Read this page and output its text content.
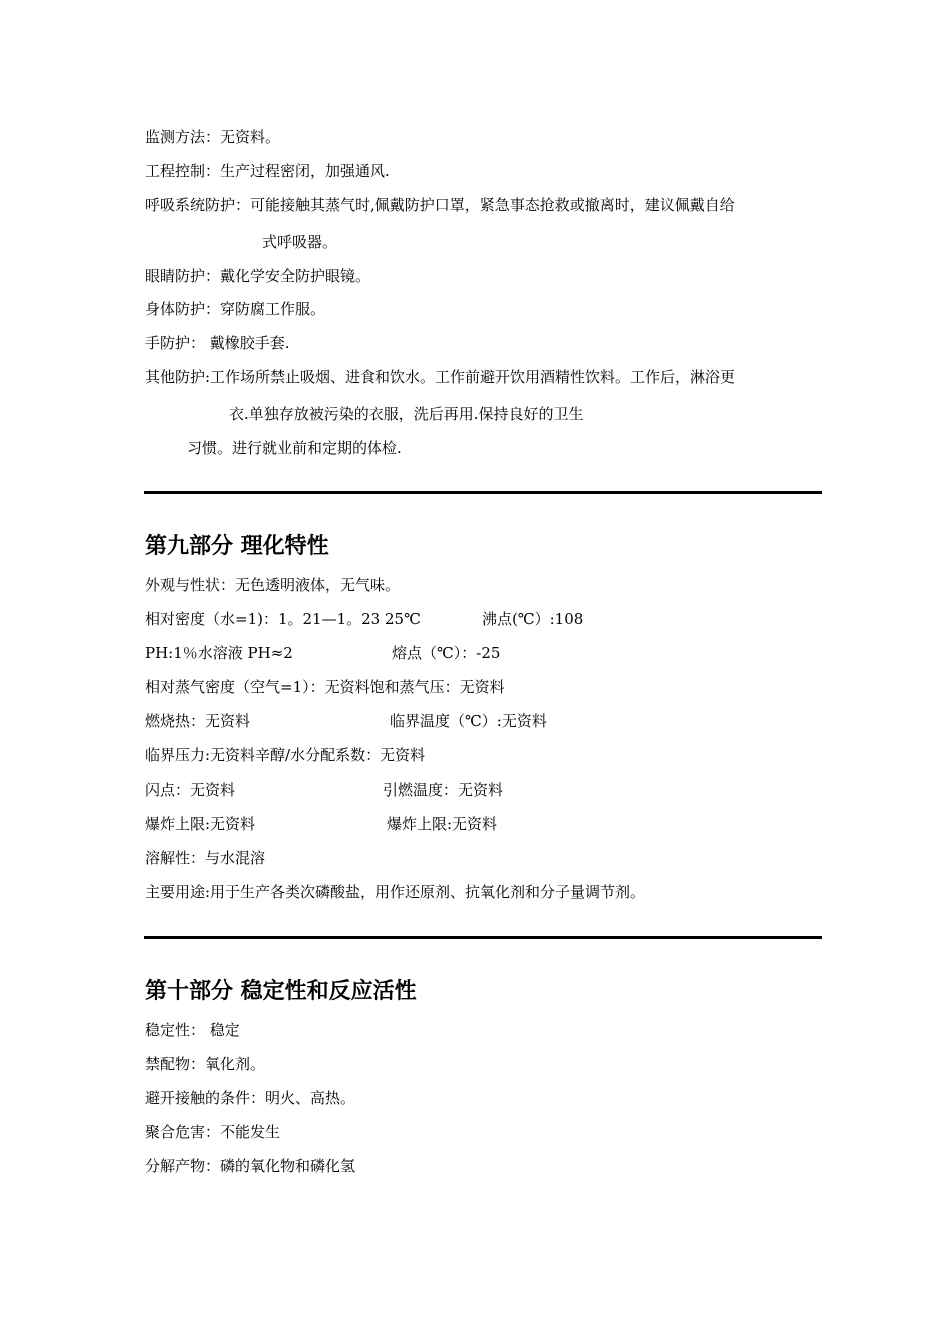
监测方法：无资料。
工程控制：生产过程密闭，加强通风.
呼吸系统防护：可能接触其蒸气时,佩戴防护口罩，紧急事态抢救或撤离时，建议佩戴自给
式呼吸器。
眼睛防护：戴化学安全防护眼镜。
身体防护：穿防腐工作服。
手防护： 戴橡胶手套.
其他防护:工作场所禁止吸烟、进食和饮水。工作前避开饮用酒精性饮料。工作后，淋浴更
衣.单独存放被污染的衣服，洗后再用.保持良好的卫生
习惯。进行就业前和定期的体检.
第九部分 理化特性
外观与性状：无色透明液体，无气味。
相对密度（水=1)：1。21—1。23 25℃	沸点(℃）:108
PH:1％水溶液 PH≈2	熔点（℃）：-25
相对蒸气密度（空气=1）：无资料饱和蒸气压：无资料
燃烧热：无资料	临界温度（℃）:无资料
临界压力:无资料辛醇/水分配系数：无资料
闪点：无资料	引燃温度：无资料
爆炸上限:无资料	爆炸上限:无资料
溶解性：与水混溶
主要用途:用于生产各类次磷酸盐，用作还原剂、抗氧化剂和分子量调节剂。
第十部分 稳定性和反应活性
稳定性： 稳定
禁配物：氧化剂。
避开接触的条件：明火、高热。
聚合危害：不能发生
分解产物：磷的氧化物和磷化氢
